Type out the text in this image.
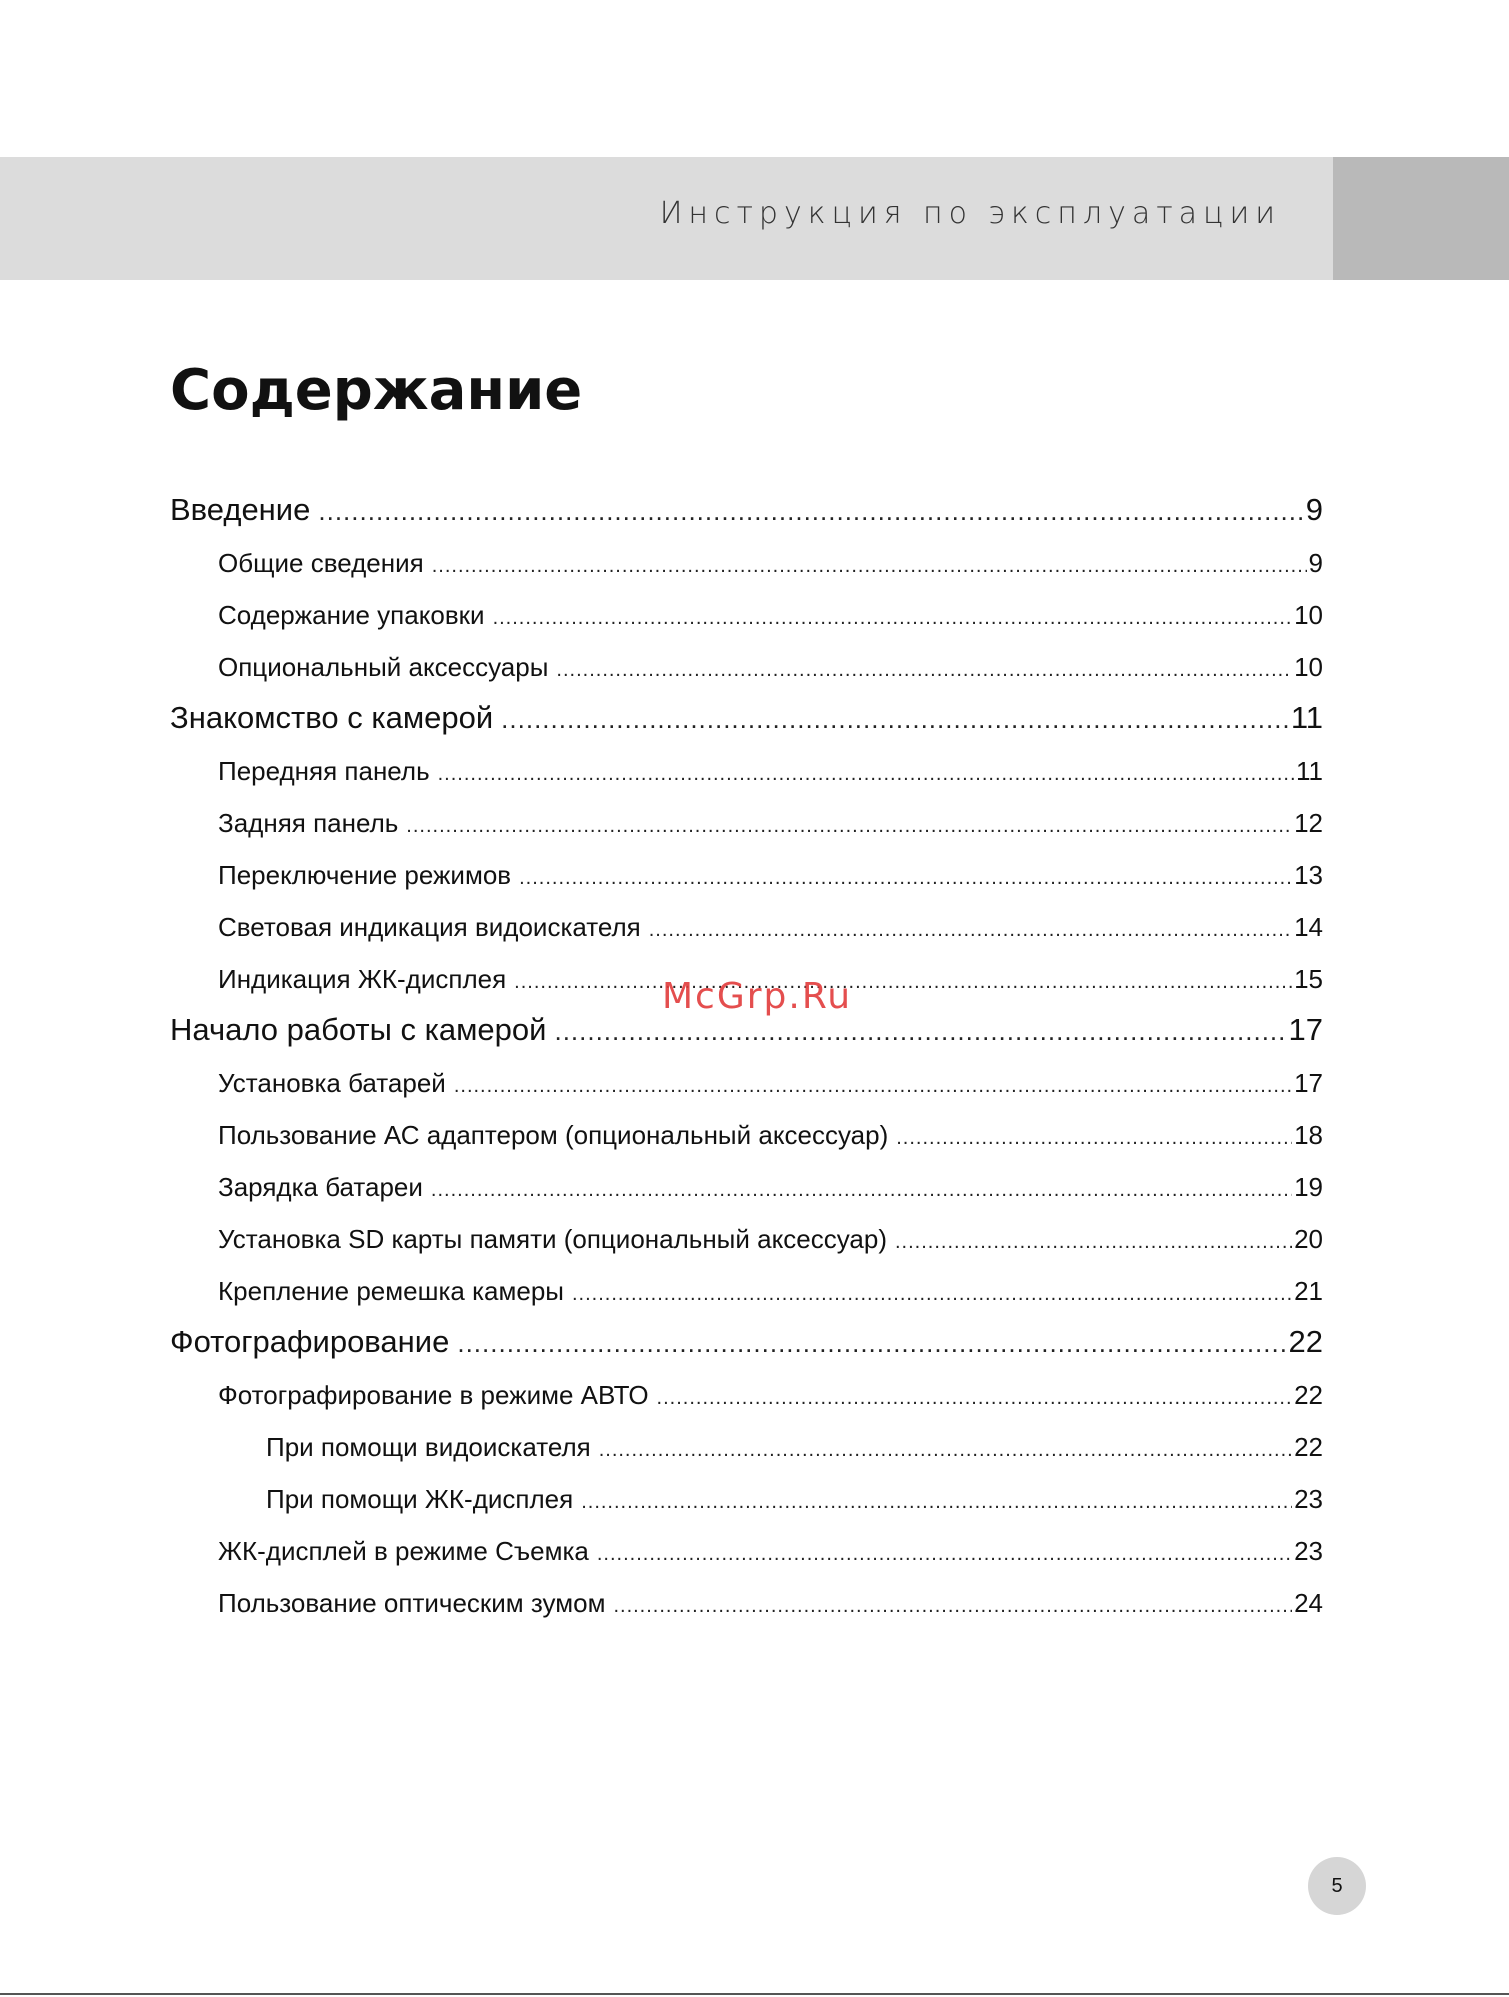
Инструкция по эксплуатации
Содержание
Введение .....	9
Общие сведения .....	9
Содержание упаковки .....	10
Опциональный аксессуары .....	10
Знакомство с камерой .....	11
Передняя панель .....	11
Задняя панель .....	12
Переключение режимов .....	13
Световая индикация видоискателя .....	14
Индикация ЖК-дисплея .....	15
Начало работы с камерой .....	17
Установка батарей .....	17
Пользование АС адаптером (опциональный аксессуар) .....	18
Зарядка батареи .....	19
Установка SD карты памяти (опциональный аксессуар) .....	20
Крепление ремешка камеры .....	21
Фотографирование .....	22
Фотографирование в режиме АВТО .....	22
При помощи видоискателя .....	22
При помощи ЖК-дисплея .....	23
ЖК-дисплей в режиме Съемка .....	23
Пользование оптическим зумом .....	24
McGrp.Ru
5
